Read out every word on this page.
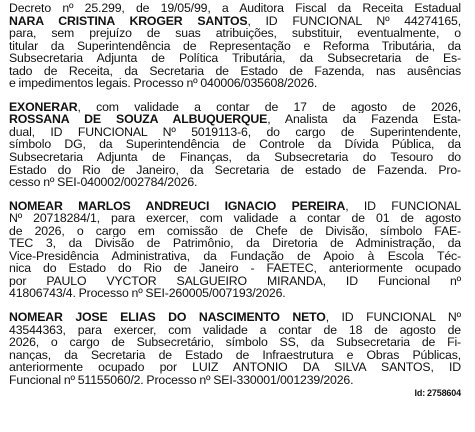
Decreto nº 25.299, de 19/05/99, a Auditora Fiscal da Receita Estadual
NARA CRISTINA KROGER SANTOS, ID FUNCIONAL Nº 44274165,
para, sem prejuízo de suas atribuições, substituir, eventualmente, o
titular da Superintendência de Representação e Reforma Tributária, da
Subsecretaria Adjunta de Política Tributária, da Subsecretaria de Es-
tado de Receita, da Secretaria de Estado de Fazenda, nas ausências
e impedimentos legais. Processo nº 040006/035608/2026.
EXONERAR, com validade a contar de 17 de agosto de 2026,
ROSSANA DE SOUZA ALBUQUERQUE, Analista da Fazenda Esta-
dual, ID FUNCIONAL Nº 5019113-6, do cargo de Superintendente,
símbolo DG, da Superintendência de Controle da Dívida Pública, da
Subsecretaria Adjunta de Finanças, da Subsecretaria do Tesouro do
Estado do Rio de Janeiro, da Secretaria de estado de Fazenda. Pro-
cesso nº SEI-040002/002784/2026.
NOMEAR MARLOS ANDREUCI IGNACIO PEREIRA, ID FUNCIONAL
Nº 20718284/1, para exercer, com validade a contar de 01 de agosto
de 2026, o cargo em comissão de Chefe de Divisão, símbolo FAE-
TEC 3, da Divisão de Patrimônio, da Diretoria de Administração, da
Vice-Presidência Administrativa, da Fundação de Apoio à Escola Téc-
nica do Estado do Rio de Janeiro - FAETEC, anteriormente ocupado
por PAULO VYCTOR SALGUEIRO MIRANDA, ID Funcional nº
41806743/4. Processo nº SEI-260005/007193/2026.
NOMEAR JOSE ELIAS DO NASCIMENTO NETO, ID FUNCIONAL Nº
43544363, para exercer, com validade a contar de 18 de agosto de
2026, o cargo de Subsecretário, símbolo SS, da Subsecretaria de Fi-
nanças, da Secretaria de Estado de Infraestrutura e Obras Públicas,
anteriormente ocupado por LUIZ ANTONIO DA SILVA SANTOS, ID
Funcional nº 51155060/2. Processo nº SEI-330001/001239/2026.
Id: 2758604
